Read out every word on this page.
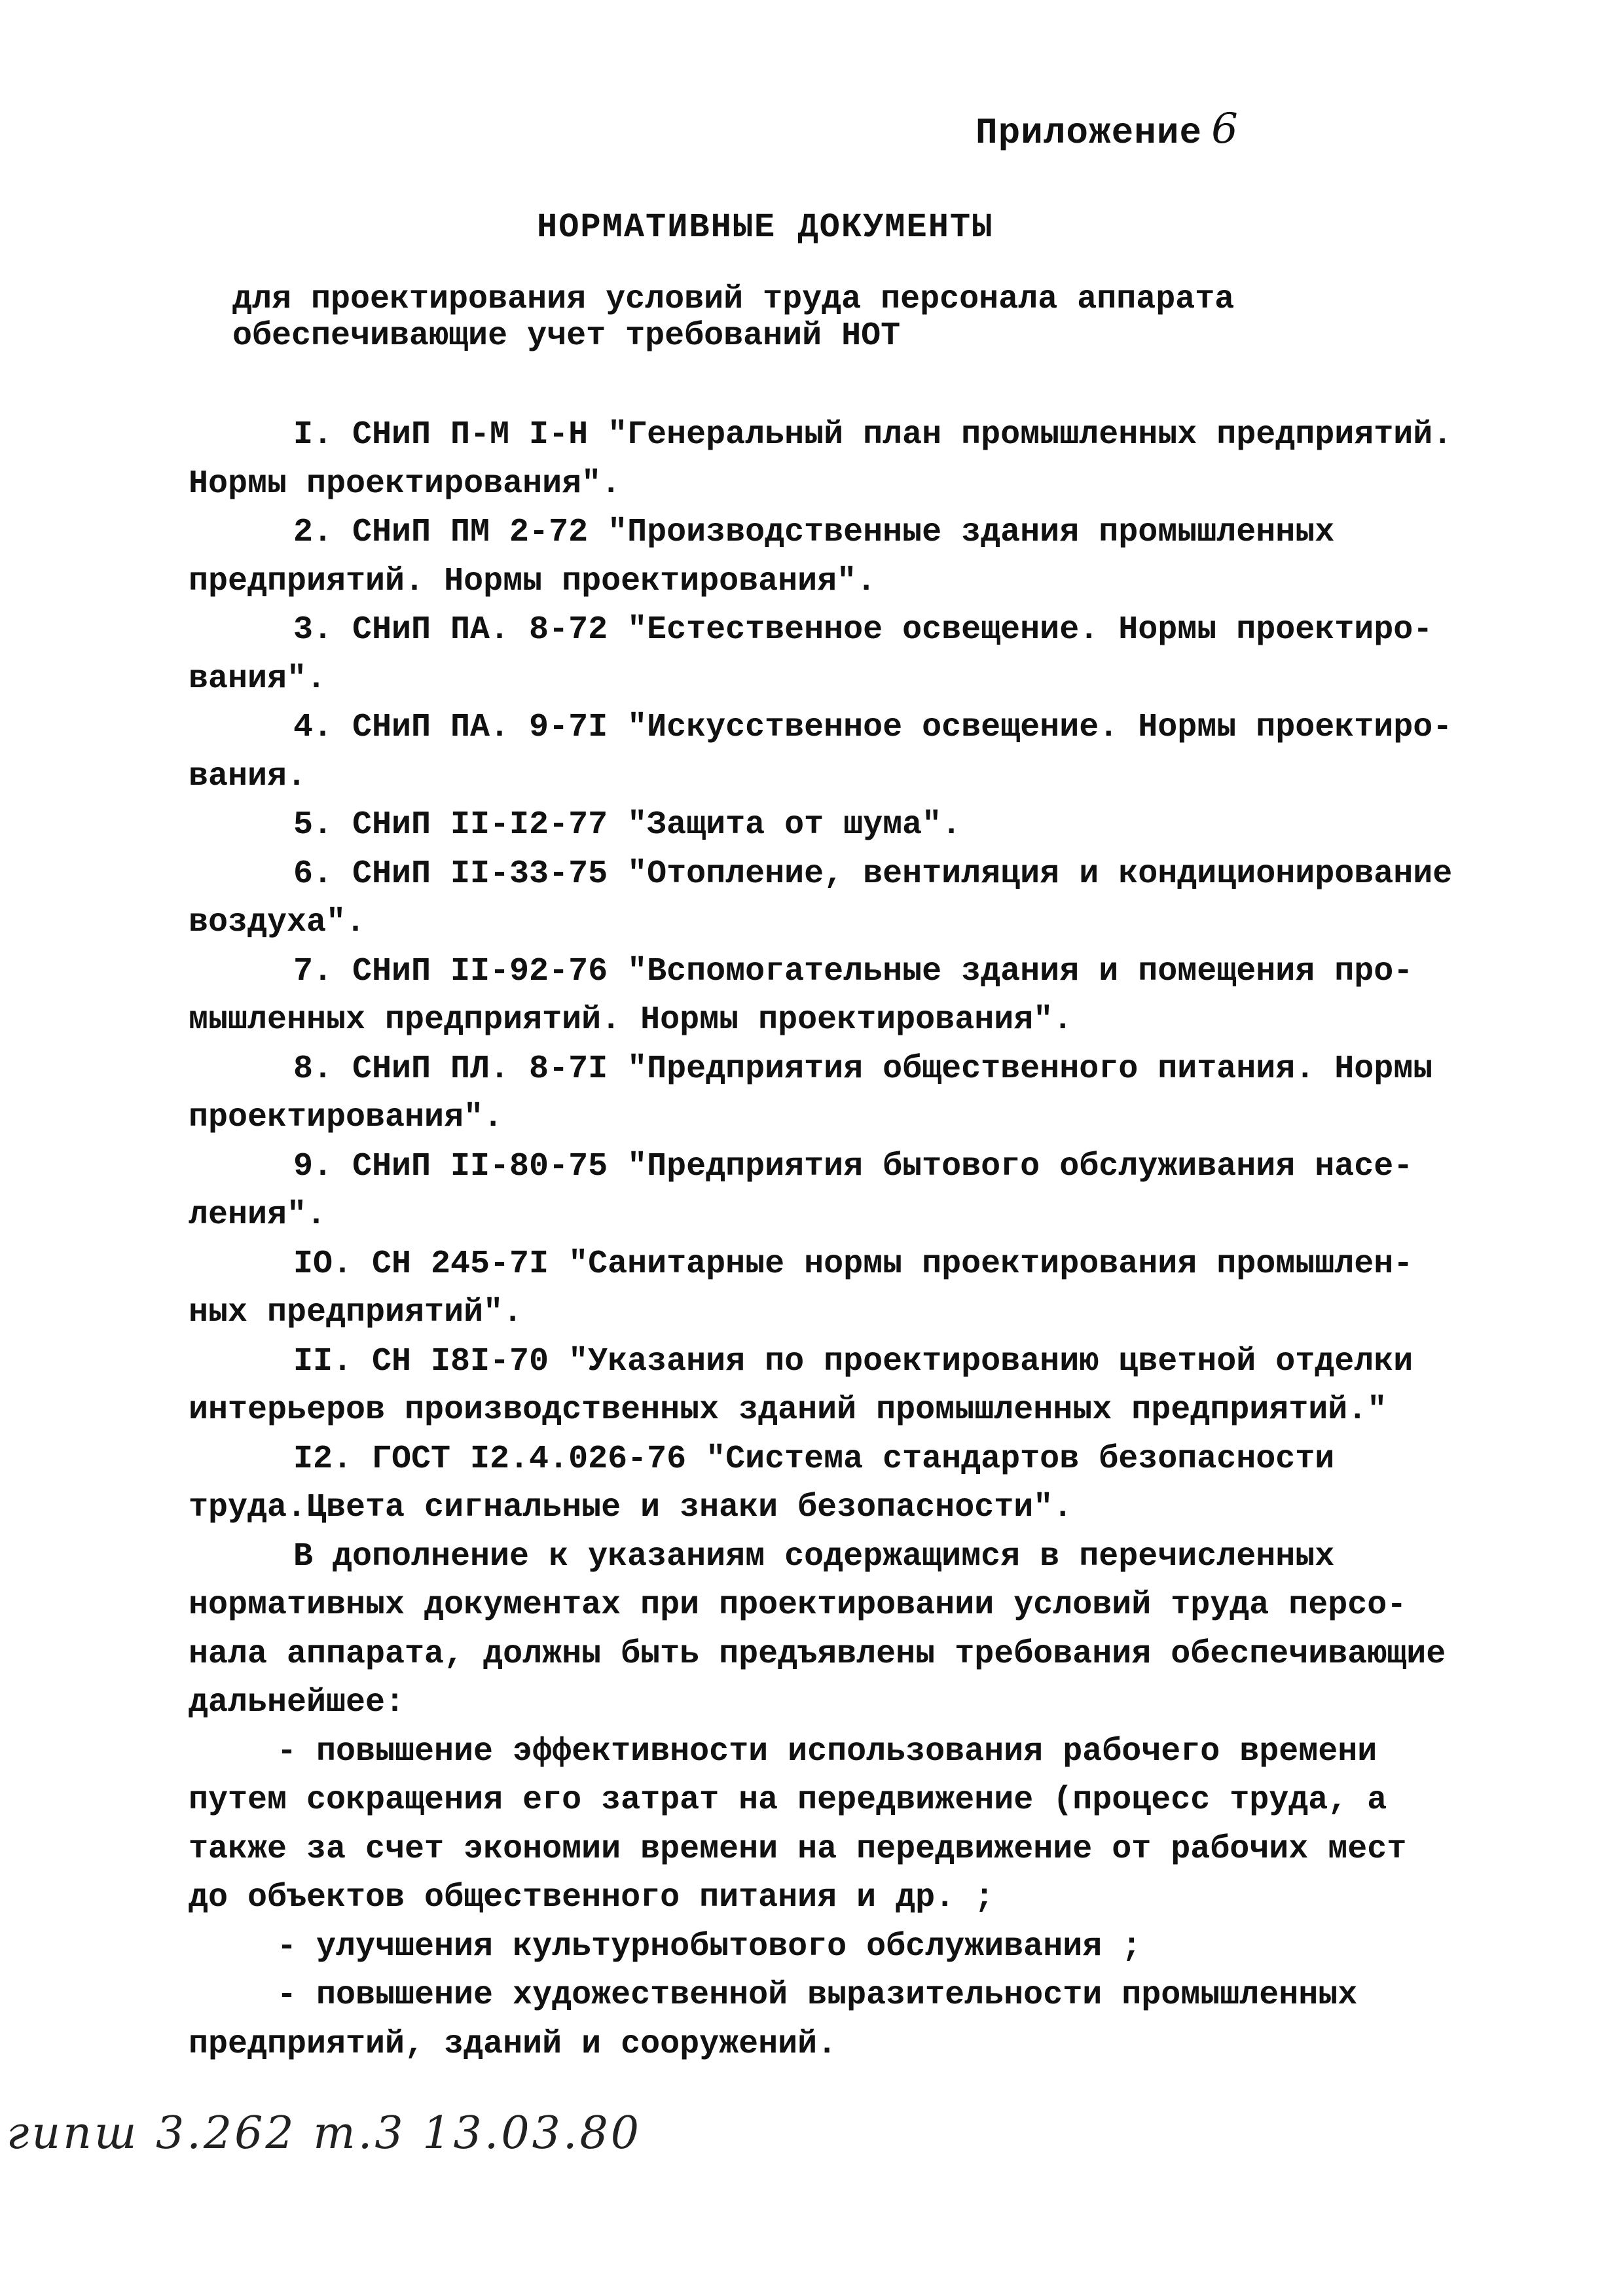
Приложение 6
НОРМАТИВНЫЕ ДОКУМЕНТЫ
для проектирования условий труда персонала аппарата
обеспечивающие учет требований НОТ
I. СНиП П-М I-Н "Генеральный план промышленных предприятий.
Нормы проектирования".
2. СНиП ПМ 2-72 "Производственные здания промышленных
предприятий. Нормы проектирования".
3. СНиП ПА. 8-72 "Естественное освещение. Нормы проектиро-
вания".
4. СНиП ПА. 9-7I "Искусственное освещение. Нормы проектиро-
вания.
5. СНиП II-I2-77 "Защита от шума".
6. СНиП II-33-75 "Отопление, вентиляция и кондиционирование
воздуха".
7. СНиП II-92-76 "Вспомогательные здания и помещения про-
мышленных предприятий. Нормы проектирования".
8. СНиП ПЛ. 8-7I "Предприятия общественного питания. Нормы
проектирования".
9. СНиП II-80-75 "Предприятия бытового обслуживания насе-
ления".
IO. СН 245-7I "Санитарные нормы проектирования промышлен-
ных предприятий".
II. СН I8I-70 "Указания по проектированию цветной отделки
интерьеров производственных зданий промышленных предприятий."
I2. ГОСТ I2.4.026-76 "Система стандартов безопасности
труда.Цвета сигнальные и знаки безопасности".
В дополнение к указаниям содержащимся в перечисленных
нормативных документах при проектировании условий труда персо-
нала аппарата, должны быть предъявлены требования обеспечивающие
дальнейшее:
- повышение эффективности использования рабочего времени
путем сокращения его затрат на передвижение (процесс труда, а
также за счет экономии времени на передвижение от рабочих мест
до объектов общественного питания и др. ;
- улучшения культурнобытового обслуживания ;
- повышение художественной выразительности промышленных
предприятий, зданий и сооружений.
гипш 3.262 т.3 13.03.80
